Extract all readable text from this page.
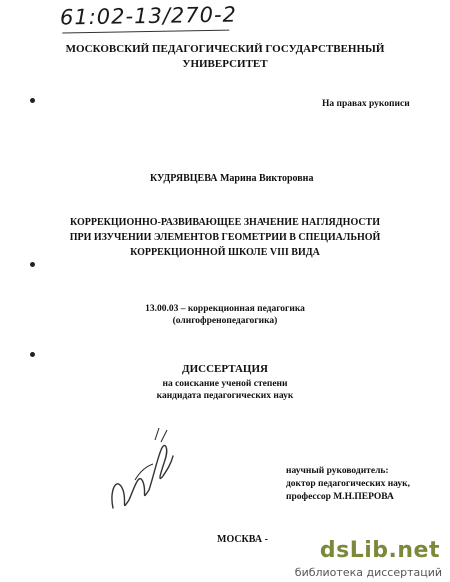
61:02-13/270-2
МОСКОВСКИЙ ПЕДАГОГИЧЕСКИЙ ГОСУДАРСТВЕННЫЙ
УНИВЕРСИТЕТ
На правах рукописи
КУДРЯВЦЕВА Марина Викторовна
КОРРЕКЦИОННО-РАЗВИВАЮЩЕЕ ЗНАЧЕНИЕ НАГЛЯДНОСТИ
ПРИ ИЗУЧЕНИИ ЭЛЕМЕНТОВ ГЕОМЕТРИИ В СПЕЦИАЛЬНОЙ
КОРРЕКЦИОННОЙ ШКОЛЕ VIII ВИДА
13.00.03 – коррекционная педагогика
(олигофренопедагогика)
ДИССЕРТАЦИЯ
на соискание ученой степени
кандидата педагогических наук
научный руководитель:
доктор педагогических наук,
профессор М.Н.ПЕРОВА
МОСКВА - dsLib.net
библиотека диссертаций
